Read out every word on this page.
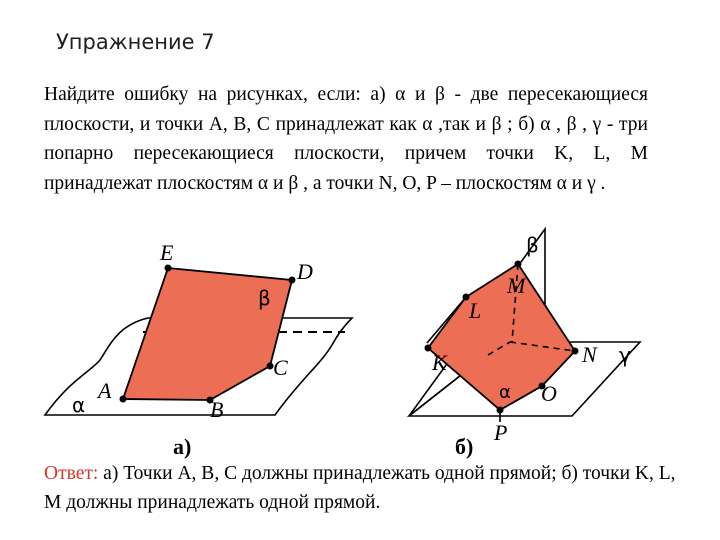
Упражнение 7
Найдите ошибку на рисунках, если: а) α и β - две пересекающиеся плоскости, и точки A, B, C принадлежат как α ,так и β ; б) α , β , γ - три попарно пересекающиеся плоскости, причем точки K, L, M принадлежат плоскостям α и β , а точки N, O, P – плоскостям α и γ .
E
D
C
B
A
β
α
а)
M
L
K	N
O
P
β
γ
α
б)
Ответ: а) Точки A, B, C должны принадлежать одной прямой; б) точки K, L, M должны принадлежать одной прямой.
